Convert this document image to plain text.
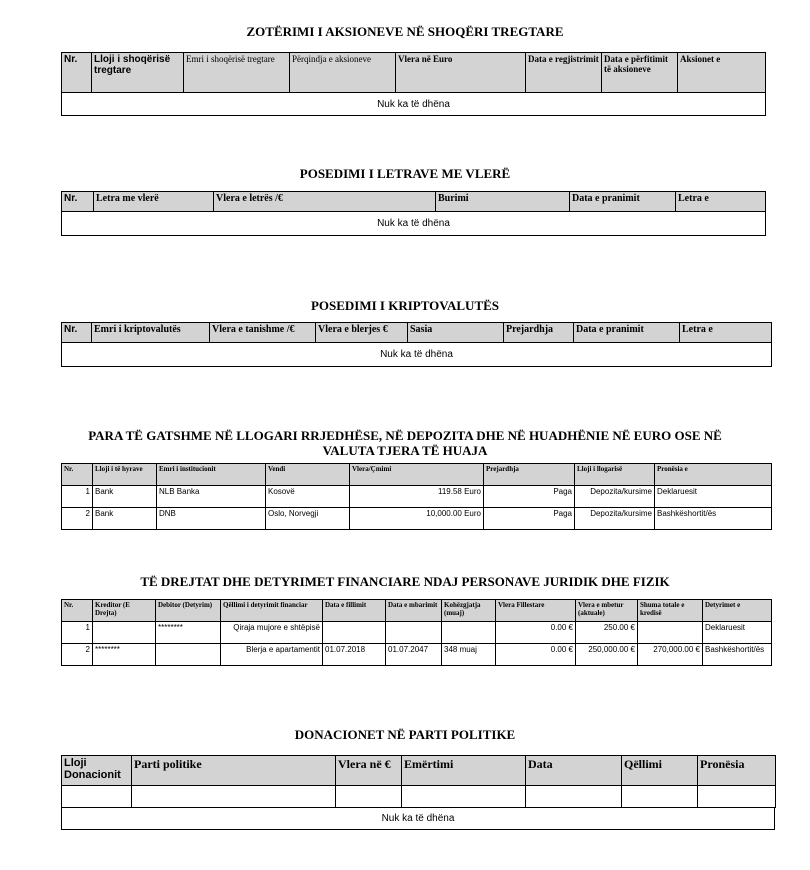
ZOTËRIMI I AKSIONEVE NË SHOQËRI TREGTARE
Nr.	Lloji i shoqërisë tregtare	Emri i shoqërisë tregtare	Përqindja e aksioneve	Vlera në Euro	Data e regjistrimit	Data e përfitimit të aksioneve	Aksionet e
Nuk ka të dhëna
POSEDIMI I LETRAVE ME VLERË
Nr.	Letra me vlerë	Vlera e letrës /€	Burimi	Data e pranimit	Letra e
Nuk ka të dhëna
POSEDIMI I KRIPTOVALUTËS
Nr.	Emri i kriptovalutës	Vlera e tanishme /€	Vlera e blerjes €	Sasia	Prejardhja	Data e pranimit	Letra e
Nuk ka të dhëna
PARA TË GATSHME NË LLOGARI RRJEDHËSE, NË DEPOZITA DHE NË HUADHËNIE NË EURO OSE NË
VALUTA TJERA TË HUAJA
Nr.	Lloji i të hyrave	Emri i institucionit	Vendi	Vlera/Çmimi	Prejardhja	Lloji i llogarisë	Pronësia e
1	Bank	NLB Banka	Kosovë	119.58 Euro	Paga	Depozita/kursime	Deklaruesit
2	Bank	DNB	Oslo, Norvegji	10,000.00 Euro	Paga	Depozita/kursime	Bashkëshortit/ës
TË DREJTAT DHE DETYRIMET FINANCIARE NDAJ PERSONAVE JURIDIK DHE FIZIK
Nr.	Kreditor (E Drejta)	Debitor (Detyrim)	Qëllimi i detyrimit financiar	Data e fillimit	Data e mbarimit	Kohëzgjatja (muaj)	Vlera Fillestare	Vlera e mbetur (aktuale)	Shuma totale e kredisë	Detyrimet e
1		********	Qiraja mujore e shtëpisë				0.00 €	250.00 €		Deklaruesit
2	********		Blerja e apartamentit	01.07.2018	01.07.2047	348 muaj	0.00 €	250,000.00 €	270,000.00 €	Bashkëshortit/ës
DONACIONET NË PARTI POLITIKE
Lloji Donacionit	Parti politike	Vlera në €	Emërtimi	Data	Qëllimi	Pronësia

Nuk ka të dhëna
